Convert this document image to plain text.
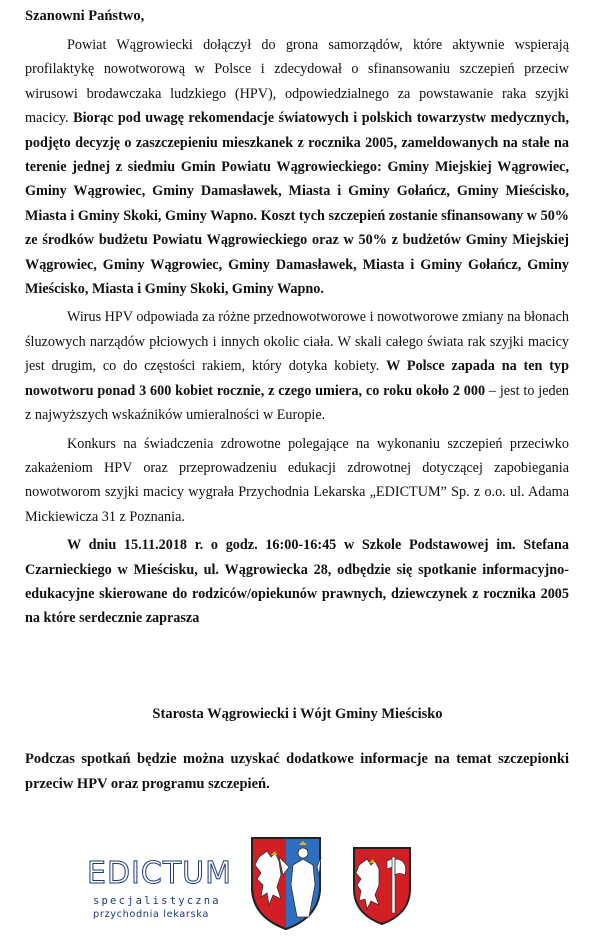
Szanowni Państwo,

Powiat Wągrowiecki dołączył do grona samorządów, które aktywnie wspierają profilaktykę nowotworową w Polsce i zdecydował o sfinansowaniu szczepień przeciw wirusowi brodawczaka ludzkiego (HPV), odpowiedzialnego za powstawanie raka szyjki macicy. Biorąc pod uwagę rekomendacje światowych i polskich towarzystw medycznych, podjęto decyzję o zaszczepieniu mieszkanek z rocznika 2005, zameldowanych na stałe na terenie jednej z siedmiu Gmin Powiatu Wągrowieckiego: Gminy Miejskiej Wągrowiec, Gminy Wągrowiec, Gminy Damasławek, Miasta i Gminy Gołańcz, Gminy Mieścisko, Miasta i Gminy Skoki, Gminy Wapno. Koszt tych szczepień zostanie sfinansowany w 50% ze środków budżetu Powiatu Wągrowieckiego oraz w 50% z budżetów Gminy Miejskiej Wągrowiec, Gminy Wągrowiec, Gminy Damasławek, Miasta i Gminy Gołańcz, Gminy Mieścisko, Miasta i Gminy Skoki, Gminy Wapno.

Wirus HPV odpowiada za różne przednowotworowe i nowotworowe zmiany na błonach śluzowych narządów płciowych i innych okolic ciała. W skali całego świata rak szyjki macicy jest drugim, co do częstości rakiem, który dotyka kobiety. W Polsce zapada na ten typ nowotworu ponad 3 600 kobiet rocznie, z czego umiera, co roku około 2 000 – jest to jeden z najwyższych wskaźników umieralności w Europie.

Konkurs na świadczenia zdrowotne polegające na wykonaniu szczepień przeciwko zakażeniom HPV oraz przeprowadzeniu edukacji zdrowotnej dotyczącej zapobiegania nowotworom szyjki macicy wygrała Przychodnia Lekarska „EDICTUM” Sp. z o.o. ul. Adama Mickiewicza 31 z Poznania.

W dniu 15.11.2018 r. o godz. 16:00-16:45 w Szkole Podstawowej im. Stefana Czarnieckiego w Mieścisku, ul. Wągrowiecka 28, odbędzie się spotkanie informacyjno-edukacyjne skierowane do rodziców/opiekunów prawnych, dziewczynek z rocznika 2005 na które serdecznie zaprasza

Starosta Wągrowiecki i Wójt Gminy Mieścisko
Podczas spotkań będzie można uzyskać dodatkowe informacje na temat szczepionki przeciw HPV oraz programu szczepień.
EDICTUM
specjalistyczna
przychodnia lekarska
